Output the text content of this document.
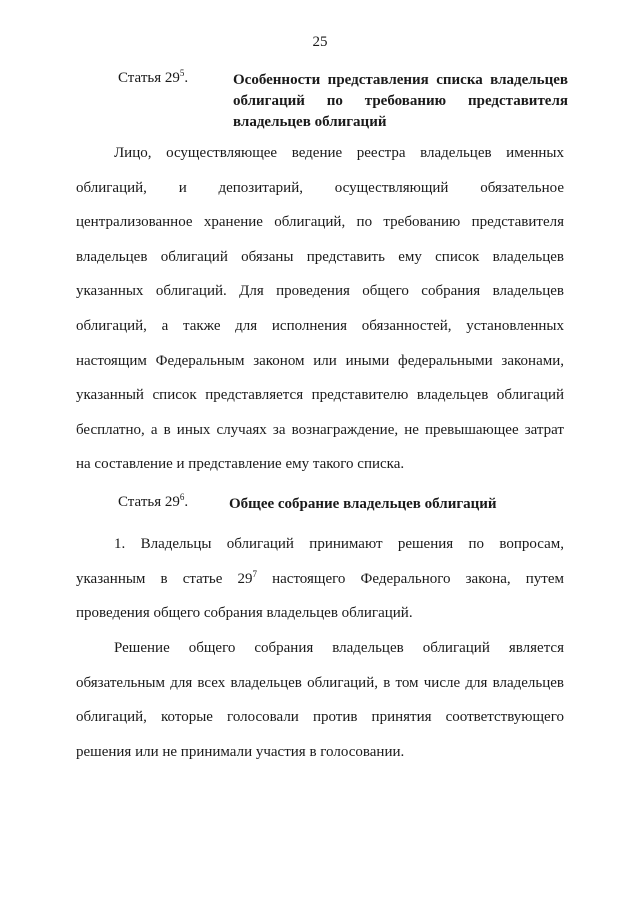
25
Статья $29^5$.	Особенности представления списка владельцев
облигаций по требованию представителя
владельцев облигаций
Лицо, осуществляющее ведение реестра владельцев именных
облигаций, и депозитарий, осуществляющий обязательное
централизованное хранение облигаций, по требованию представителя
владельцев облигаций обязаны представить ему список владельцев
указанных облигаций. Для проведения общего собрания владельцев
облигаций, а также для исполнения обязанностей, установленных
настоящим Федеральным законом или иными федеральными законами,
указанный список представляется представителю владельцев облигаций
бесплатно, а в иных случаях за вознаграждение, не превышающее затрат
на составление и представление ему такого списка.
Статья $29^6$.	Общее собрание владельцев облигаций
1. Владельцы облигаций принимают решения по вопросам,
указанным в статье $29^7$ настоящего Федерального закона, путем
проведения общего собрания владельцев облигаций.
Решение общего собрания владельцев облигаций является
обязательным для всех владельцев облигаций, в том числе для владельцев
облигаций, которые голосовали против принятия соответствующего
решения или не принимали участия в голосовании.
